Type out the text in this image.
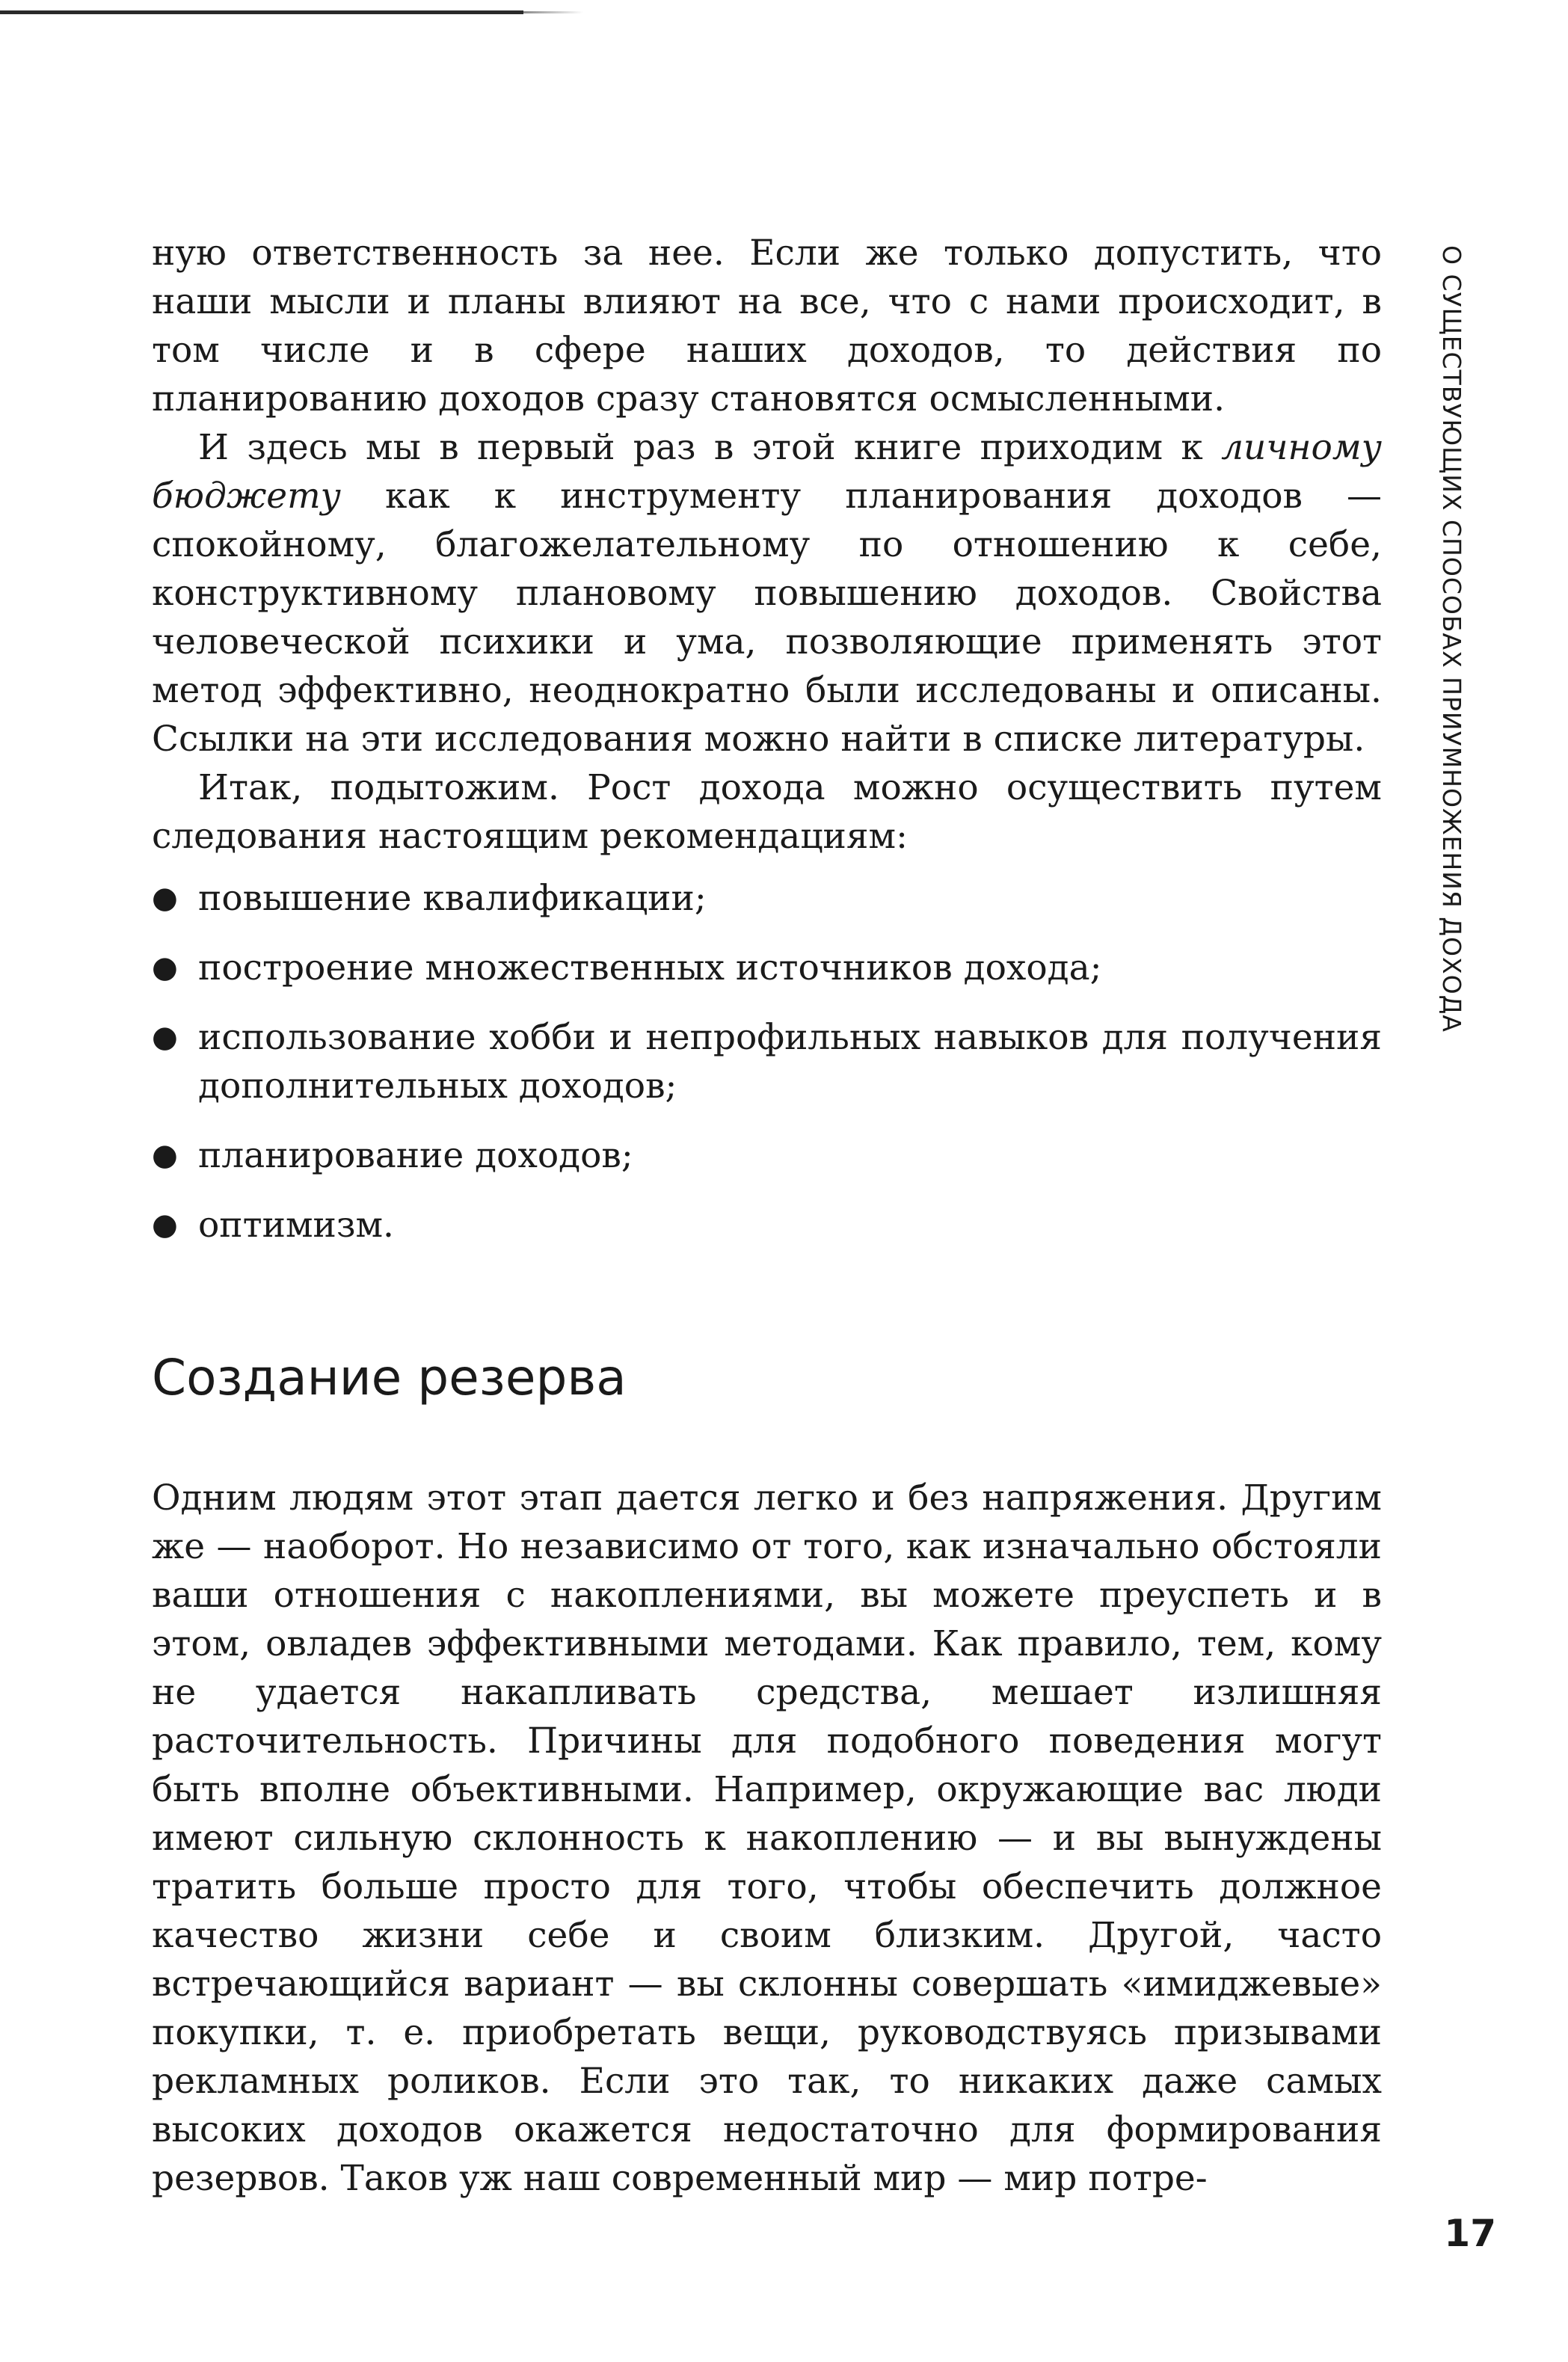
О СУЩЕСТВУЮЩИХ СПОСОБАХ ПРИУМНОЖЕНИЯ ДОХОДА

ную ответственность за нее. Если же только допустить, что наши мысли и планы влияют на все, что с нами происходит, в том числе и в сфере наших доходов, то действия по планированию доходов сразу становятся осмысленными.

И здесь мы в первый раз в этой книге приходим к личному бюджету как к инструменту планирования доходов — спокойному, благожелательному по отношению к себе, конструктивному плановому повышению доходов. Свойства человеческой психики и ума, позволяющие применять этот метод эффективно, неоднократно были исследованы и описаны. Ссылки на эти исследования можно найти в списке литературы.

Итак, подытожим. Рост дохода можно осуществить путем следования настоящим рекомендациям:

● повышение квалификации;
● построение множественных источников дохода;
● использование хобби и непрофильных навыков для получения дополнительных доходов;
● планирование доходов;
● оптимизм.
Создание резерва

Одним людям этот этап дается легко и без напряжения. Другим же — наоборот. Но независимо от того, как изначально обстояли ваши отношения с накоплениями, вы можете преуспеть и в этом, овладев эффективными методами. Как правило, тем, кому не удается накапливать средства, мешает излишняя расточительность. Причины для подобного поведения могут быть вполне объективными. Например, окружающие вас люди имеют сильную склонность к накоплению — и вы вынуждены тратить больше просто для того, чтобы обеспечить должное качество жизни себе и своим близким. Другой, часто встречающийся вариант — вы склонны совершать «имиджевые» покупки, т. е. приобретать вещи, руководствуясь призывами рекламных роликов. Если это так, то никаких даже самых высоких доходов окажется недостаточно для формирования резервов. Таков уж наш современный мир — мир потре-

17
